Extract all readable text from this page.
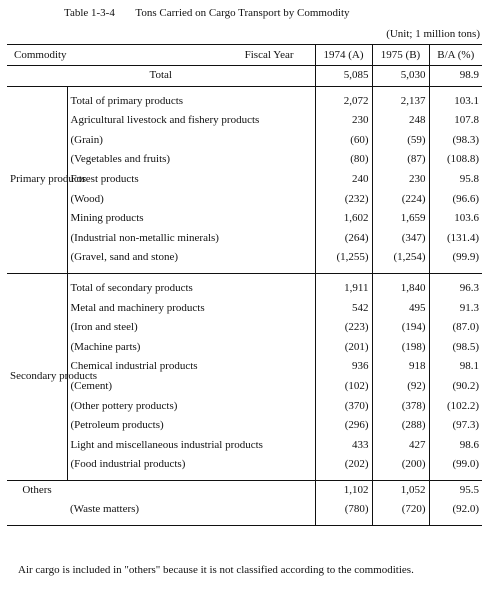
Table 1-3-4 Tons Carried on Cargo Transport by Commodity
(Unit; 1 million tons)
Commodity Fiscal Year		1974 (A)	1975 (B)	B/A (%)
Total		5,085	5,030	98.9
Primary products				
	Total of primary products	2,072	2,137	103.1
	Agricultural livestock and fishery products	230	248	107.8
	(Grain)	(60)	(59)	(98.3)
	(Vegetables and fruits)	(80)	(87)	(108.8)
	Forest products	240	230	95.8
	(Wood)	(232)	(224)	(96.6)
	Mining products	1,602	1,659	103.6
	(Industrial non-metallic minerals)	(264)	(347)	(131.4)
	(Gravel, sand and stone)	(1,255)	(1,254)	(99.9)

Secondary products				
	Total of secondary products	1,911	1,840	96.3
	Metal and machinery products	542	495	91.3
	(Iron and steel)	(223)	(194)	(87.0)
	(Machine parts)	(201)	(198)	(98.5)
	Chemical industrial products	936	918	98.1
	(Cement)	(102)	(92)	(90.2)
	(Other pottery products)	(370)	(378)	(102.2)
	(Petroleum products)	(296)	(288)	(97.3)
	Light and miscellaneous industrial products	433	427	98.6
	(Food industrial products)	(202)	(200)	(99.0)

Others		1,102	1,052	95.5
	(Waste matters)	(780)	(720)	(92.0)

Air cargo is included in "others" because it is not classified according to the commodities.
